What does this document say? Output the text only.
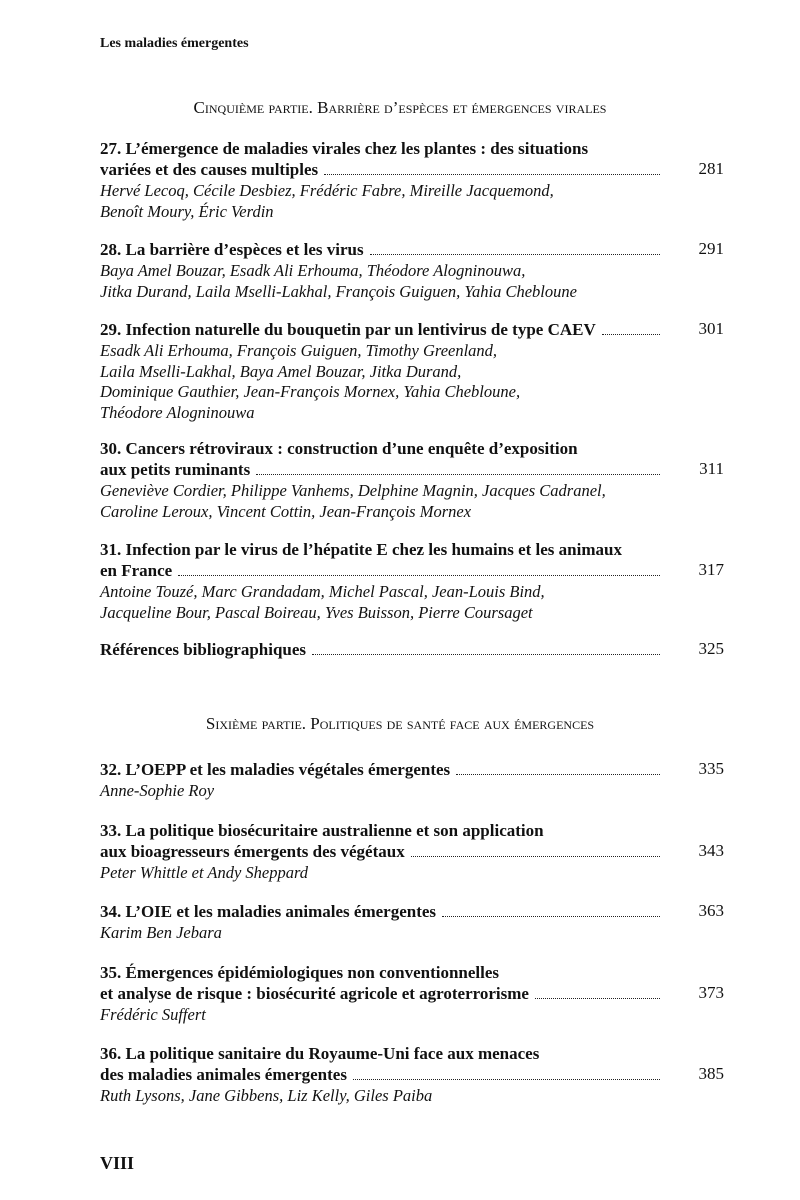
Les maladies émergentes
Cinquième partie. Barrière d’espèces et émergences virales
27. L’émergence de maladies virales chez les plantes : des situations
variées et des causes multiples	281
Hervé Lecoq, Cécile Desbiez, Frédéric Fabre, Mireille Jacquemond,
Benoît Moury, Éric Verdin
28. La barrière d’espèces et les virus	291
Baya Amel Bouzar, Esadk Ali Erhouma, Théodore Alogninouwa,
Jitka Durand, Laila Mselli-Lakhal, François Guiguen, Yahia Chebloune
29. Infection naturelle du bouquetin par un lentivirus de type CAEV	301
Esadk Ali Erhouma, François Guiguen, Timothy Greenland,
Laila Mselli-Lakhal, Baya Amel Bouzar, Jitka Durand,
Dominique Gauthier, Jean-François Mornex, Yahia Chebloune,
Théodore Alogninouwa
30. Cancers rétroviraux : construction d’une enquête d’exposition
aux petits ruminants	311
Geneviève Cordier, Philippe Vanhems, Delphine Magnin, Jacques Cadranel,
Caroline Leroux, Vincent Cottin, Jean-François Mornex
31. Infection par le virus de l’hépatite E chez les humains et les animaux
en France	317
Antoine Touzé, Marc Grandadam, Michel Pascal, Jean-Louis Bind,
Jacqueline Bour, Pascal Boireau, Yves Buisson, Pierre Coursaget
Références bibliographiques	325
Sixième partie. Politiques de santé face aux émergences
32. L’OEPP et les maladies végétales émergentes	335
Anne-Sophie Roy
33. La politique biosécuritaire australienne et son application
aux bioagresseurs émergents des végétaux	343
Peter Whittle et Andy Sheppard
34. L’OIE et les maladies animales émergentes	363
Karim Ben Jebara
35. Émergences épidémiologiques non conventionnelles
et analyse de risque : biosécurité agricole et agroterrorisme	373
Frédéric Suffert
36. La politique sanitaire du Royaume-Uni face aux menaces
des maladies animales émergentes	385
Ruth Lysons, Jane Gibbens, Liz Kelly, Giles Paiba
VIII
